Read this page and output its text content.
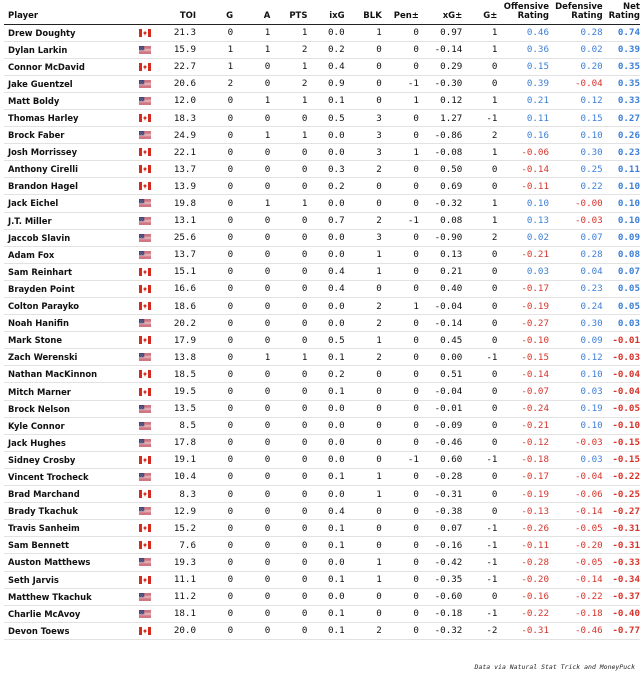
Player		TOI	G	A	PTS	ixG	BLK	Pen±	xG±	G±	Offensive Rating	Defensive Rating	Net Rating
Drew Doughty		21.3	0	1	1	0.0	1	0	0.97	1	0.46	0.28	0.74
Dylan Larkin		15.9	1	1	2	0.2	0	0	-0.14	1	0.36	0.02	0.39
Connor McDavid		22.7	1	0	1	0.4	0	0	0.29	0	0.15	0.20	0.35
Jake Guentzel		20.6	2	0	2	0.9	0	-1	-0.30	0	0.39	-0.04	0.35
Matt Boldy		12.0	0	1	1	0.1	0	1	0.12	1	0.21	0.12	0.33
Thomas Harley		18.3	0	0	0	0.5	3	0	1.27	-1	0.11	0.15	0.27
Brock Faber		24.9	0	1	1	0.0	3	0	-0.86	2	0.16	0.10	0.26
Josh Morrissey		22.1	0	0	0	0.0	3	1	-0.08	1	-0.06	0.30	0.23
Anthony Cirelli		13.7	0	0	0	0.3	2	0	0.50	0	-0.14	0.25	0.11
Brandon Hagel		13.9	0	0	0	0.2	0	0	0.69	0	-0.11	0.22	0.10
Jack Eichel		19.8	0	1	1	0.0	0	0	-0.32	1	0.10	-0.00	0.10
J.T. Miller		13.1	0	0	0	0.7	2	-1	0.08	1	0.13	-0.03	0.10
Jaccob Slavin		25.6	0	0	0	0.0	3	0	-0.90	2	0.02	0.07	0.09
Adam Fox		13.7	0	0	0	0.0	1	0	0.13	0	-0.21	0.28	0.08
Sam Reinhart		15.1	0	0	0	0.4	1	0	0.21	0	0.03	0.04	0.07
Brayden Point		16.6	0	0	0	0.4	0	0	0.40	0	-0.17	0.23	0.05
Colton Parayko		18.6	0	0	0	0.0	2	1	-0.04	0	-0.19	0.24	0.05
Noah Hanifin		20.2	0	0	0	0.0	2	0	-0.14	0	-0.27	0.30	0.03
Mark Stone		17.9	0	0	0	0.5	1	0	0.45	0	-0.10	0.09	-0.01
Zach Werenski		13.8	0	1	1	0.1	2	0	0.00	-1	-0.15	0.12	-0.03
Nathan MacKinnon		18.5	0	0	0	0.2	0	0	0.51	0	-0.14	0.10	-0.04
Mitch Marner		19.5	0	0	0	0.1	0	0	-0.04	0	-0.07	0.03	-0.04
Brock Nelson		13.5	0	0	0	0.0	0	0	-0.01	0	-0.24	0.19	-0.05
Kyle Connor		8.5	0	0	0	0.0	0	0	-0.09	0	-0.21	0.10	-0.10
Jack Hughes		17.8	0	0	0	0.0	0	0	-0.46	0	-0.12	-0.03	-0.15
Sidney Crosby		19.1	0	0	0	0.0	0	-1	0.60	-1	-0.18	0.03	-0.15
Vincent Trocheck		10.4	0	0	0	0.1	1	0	-0.28	0	-0.17	-0.04	-0.22
Brad Marchand		8.3	0	0	0	0.0	1	0	-0.31	0	-0.19	-0.06	-0.25
Brady Tkachuk		12.9	0	0	0	0.4	0	0	-0.38	0	-0.13	-0.14	-0.27
Travis Sanheim		15.2	0	0	0	0.1	0	0	0.07	-1	-0.26	-0.05	-0.31
Sam Bennett		7.6	0	0	0	0.1	0	0	-0.16	-1	-0.11	-0.20	-0.31
Auston Matthews		19.3	0	0	0	0.0	1	0	-0.42	-1	-0.28	-0.05	-0.33
Seth Jarvis		11.1	0	0	0	0.1	1	0	-0.35	-1	-0.20	-0.14	-0.34
Matthew Tkachuk		11.2	0	0	0	0.0	0	0	-0.60	0	-0.16	-0.22	-0.37
Charlie McAvoy		18.1	0	0	0	0.1	0	0	-0.18	-1	-0.22	-0.18	-0.40
Devon Toews		20.0	0	0	0	0.1	2	0	-0.32	-2	-0.31	-0.46	-0.77
Data via Natural Stat Trick and MoneyPuck
